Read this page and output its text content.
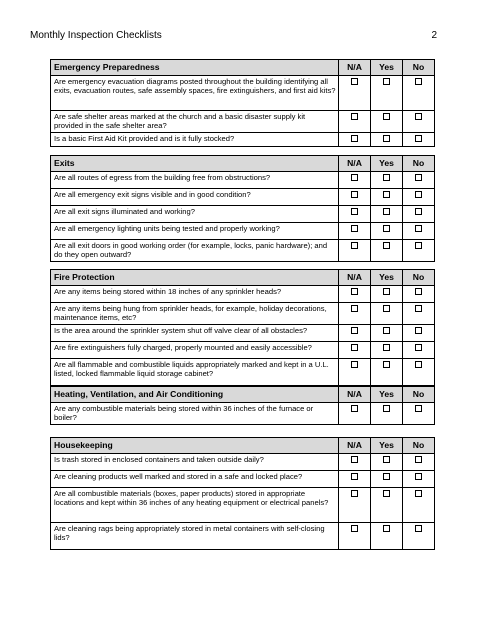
Monthly Inspection Checklists	2
Emergency Preparedness	N/A	Yes	No
Are emergency evacuation diagrams posted throughout the building identifying all exits, evacuation routes, safe assembly spaces, fire extinguishers, and first aid kits?			
Are safe shelter areas marked at the church and a basic disaster supply kit provided in the safe shelter area?			
Is a basic First Aid Kit provided and is it fully stocked?			
Exits	N/A	Yes	No
Are all routes of egress from the building free from obstructions?			
Are all emergency exit signs visible and in good condition?			
Are all exit signs illuminated and working?			
Are all emergency lighting units being tested and properly working?			
Are all exit doors in good working order (for example, locks, panic hardware); and do they open outward?			
Fire Protection	N/A	Yes	No
Are any items being stored within 18 inches of any sprinkler heads?			
Are any items being hung from sprinkler heads, for example, holiday decorations, maintenance items, etc?			
Is the area around the sprinkler system shut off valve clear of all obstacles?			
Are fire extinguishers fully charged, properly mounted and easily accessible?			
Are all flammable and combustible liquids appropriately marked and kept in a U.L. listed, locked flammable liquid storage cabinet?			
Heating, Ventilation, and Air Conditioning	N/A	Yes	No
Are any combustible materials being stored within 36 inches of the furnace or boiler?			
Housekeeping	N/A	Yes	No
Is trash stored in enclosed containers and taken outside daily?			
Are cleaning products well marked and stored in a safe and locked place?			
Are all combustible materials (boxes, paper products) stored in appropriate locations and kept within 36 inches of any heating equipment or electrical panels?			
Are cleaning rags being appropriately stored in metal containers with self-closing lids?			
